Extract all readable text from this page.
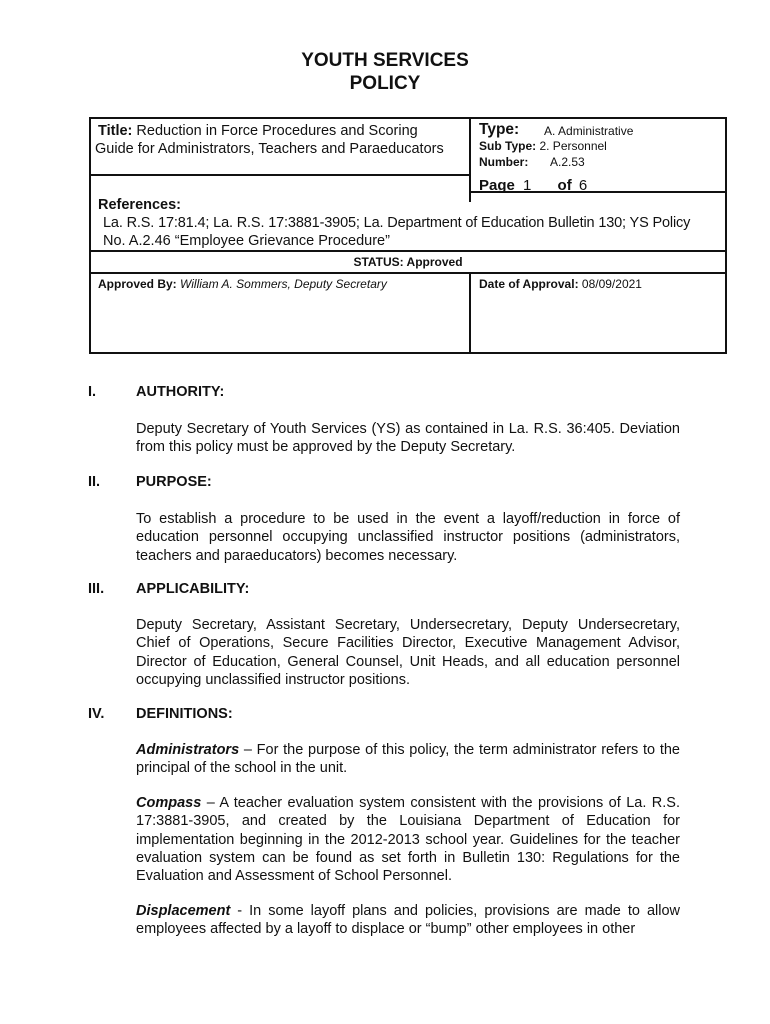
YOUTH SERVICES
POLICY
Title: Reduction in Force Procedures and Scoring
Guide for Administrators, Teachers and Paraeducators
Type: A. Administrative
Sub Type: 2. Personnel
Number: A.2.53
Page 1 of 6
References:
La. R.S. 17:81.4; La. R.S. 17:3881-3905; La. Department of Education Bulletin 130; YS Policy
No. A.2.46 “Employee Grievance Procedure”
STATUS: Approved
Approved By: William A. Sommers, Deputy Secretary	Date of Approval: 08/09/2021
I.	AUTHORITY:
Deputy Secretary of Youth Services (YS) as contained in La. R.S. 36:405. Deviation from this policy must be approved by the Deputy Secretary.
II. PURPOSE:
To establish a procedure to be used in the event a layoff/reduction in force of education personnel occupying unclassified instructor positions (administrators, teachers and paraeducators) becomes necessary.
III. APPLICABILITY:
Deputy Secretary, Assistant Secretary, Undersecretary, Deputy Undersecretary, Chief of Operations, Secure Facilities Director, Executive Management Advisor, Director of Education, General Counsel, Unit Heads, and all education personnel occupying unclassified instructor positions.
IV. DEFINITIONS:
Administrators – For the purpose of this policy, the term administrator refers to the principal of the school in the unit.
Compass – A teacher evaluation system consistent with the provisions of La. R.S. 17:3881-3905, and created by the Louisiana Department of Education for implementation beginning in the 2012-2013 school year. Guidelines for the teacher evaluation system can be found as set forth in Bulletin 130: Regulations for the Evaluation and Assessment of School Personnel.
Displacement - In some layoff plans and policies, provisions are made to allow employees affected by a layoff to displace or “bump” other employees in other
